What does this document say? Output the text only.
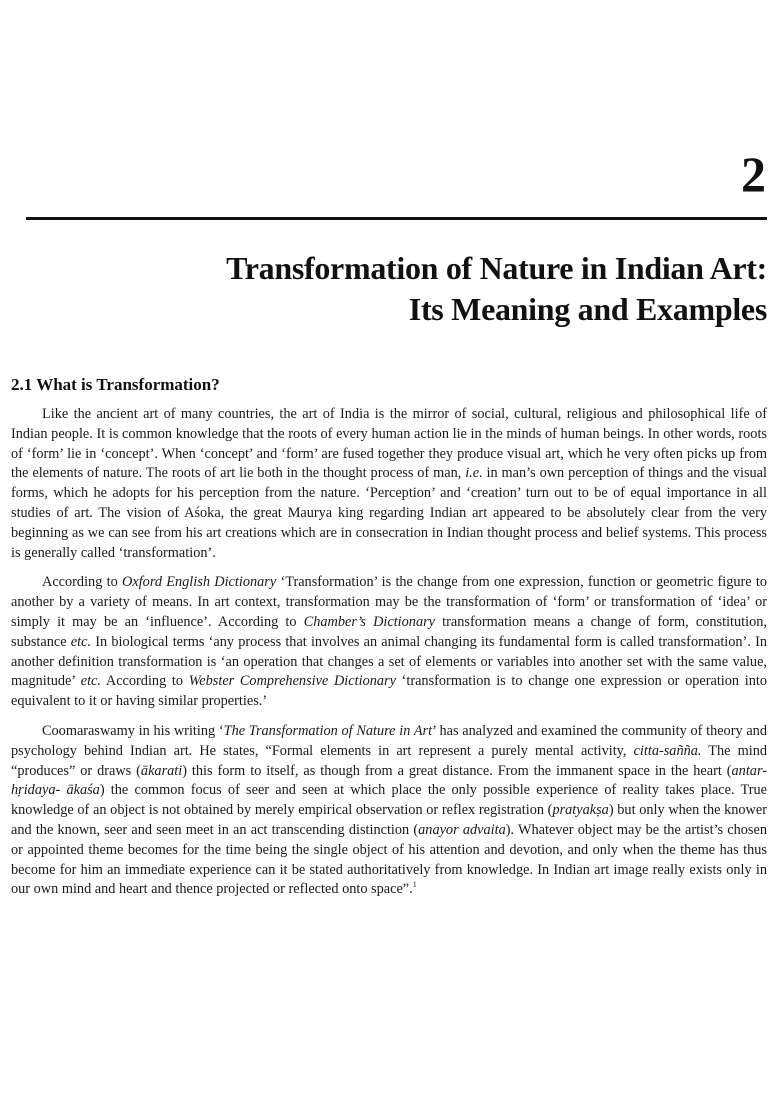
2
Transformation of Nature in Indian Art:
Its Meaning and Examples
2.1 What is Transformation?

Like the ancient art of many countries, the art of India is the mirror of social, cultural, religious and philosophical life of Indian people. It is common knowledge that the roots of every human action lie in the minds of human beings. In other words, roots of ‘form’ lie in ‘concept’. When ‘concept’ and ‘form’ are fused together they produce visual art, which he very often picks up from the elements of nature. The roots of art lie both in the thought process of man, i.e. in man’s own perception of things and the visual forms, which he adopts for his perception from the nature. ‘Perception’ and ‘creation’ turn out to be of equal importance in all studies of art. The vision of Aśoka, the great Maurya king regarding Indian art appeared to be absolutely clear from the very beginning as we can see from his art creations which are in consecration in Indian thought process and belief systems. This process is generally called ‘transformation’.

According to Oxford English Dictionary ‘Transformation’ is the change from one expression, function or geometric figure to another by a variety of means. In art context, transformation may be the transformation of ‘form’ or transformation of ‘idea’ or simply it may be an ‘influence’. According to Chamber’s Dictionary transformation means a change of form, constitution, substance etc. In biological terms ‘any process that involves an animal changing its fundamental form is called transformation’. In another definition transformation is ‘an operation that changes a set of elements or variables into another set with the same value, magnitude’ etc. According to Webster Comprehensive Dictionary ‘transformation is to change one expression or operation into equivalent to it or having similar properties.’

Coomaraswamy in his writing ‘The Transformation of Nature in Art’ has analyzed and examined the community of theory and psychology behind Indian art. He states, “Formal elements in art represent a purely mental activity, citta-sañña. The mind “produces” or draws (ākarati) this form to itself, as though from a great distance. From the immanent space in the heart (antar- hṛidaya- ākaśa) the common focus of seer and seen at which place the only possible experience of reality takes place. True knowledge of an object is not obtained by merely empirical observation or reflex registration (pratyakṣa) but only when the knower and the known, seer and seen meet in an act transcending distinction (anayor advaita). Whatever object may be the artist’s chosen or appointed theme becomes for the time being the single object of his attention and devotion, and only when the theme has thus become for him an immediate experience can it be stated authoritatively from knowledge. In Indian art image really exists only in our own mind and heart and thence projected or reflected onto space”.$^1$
